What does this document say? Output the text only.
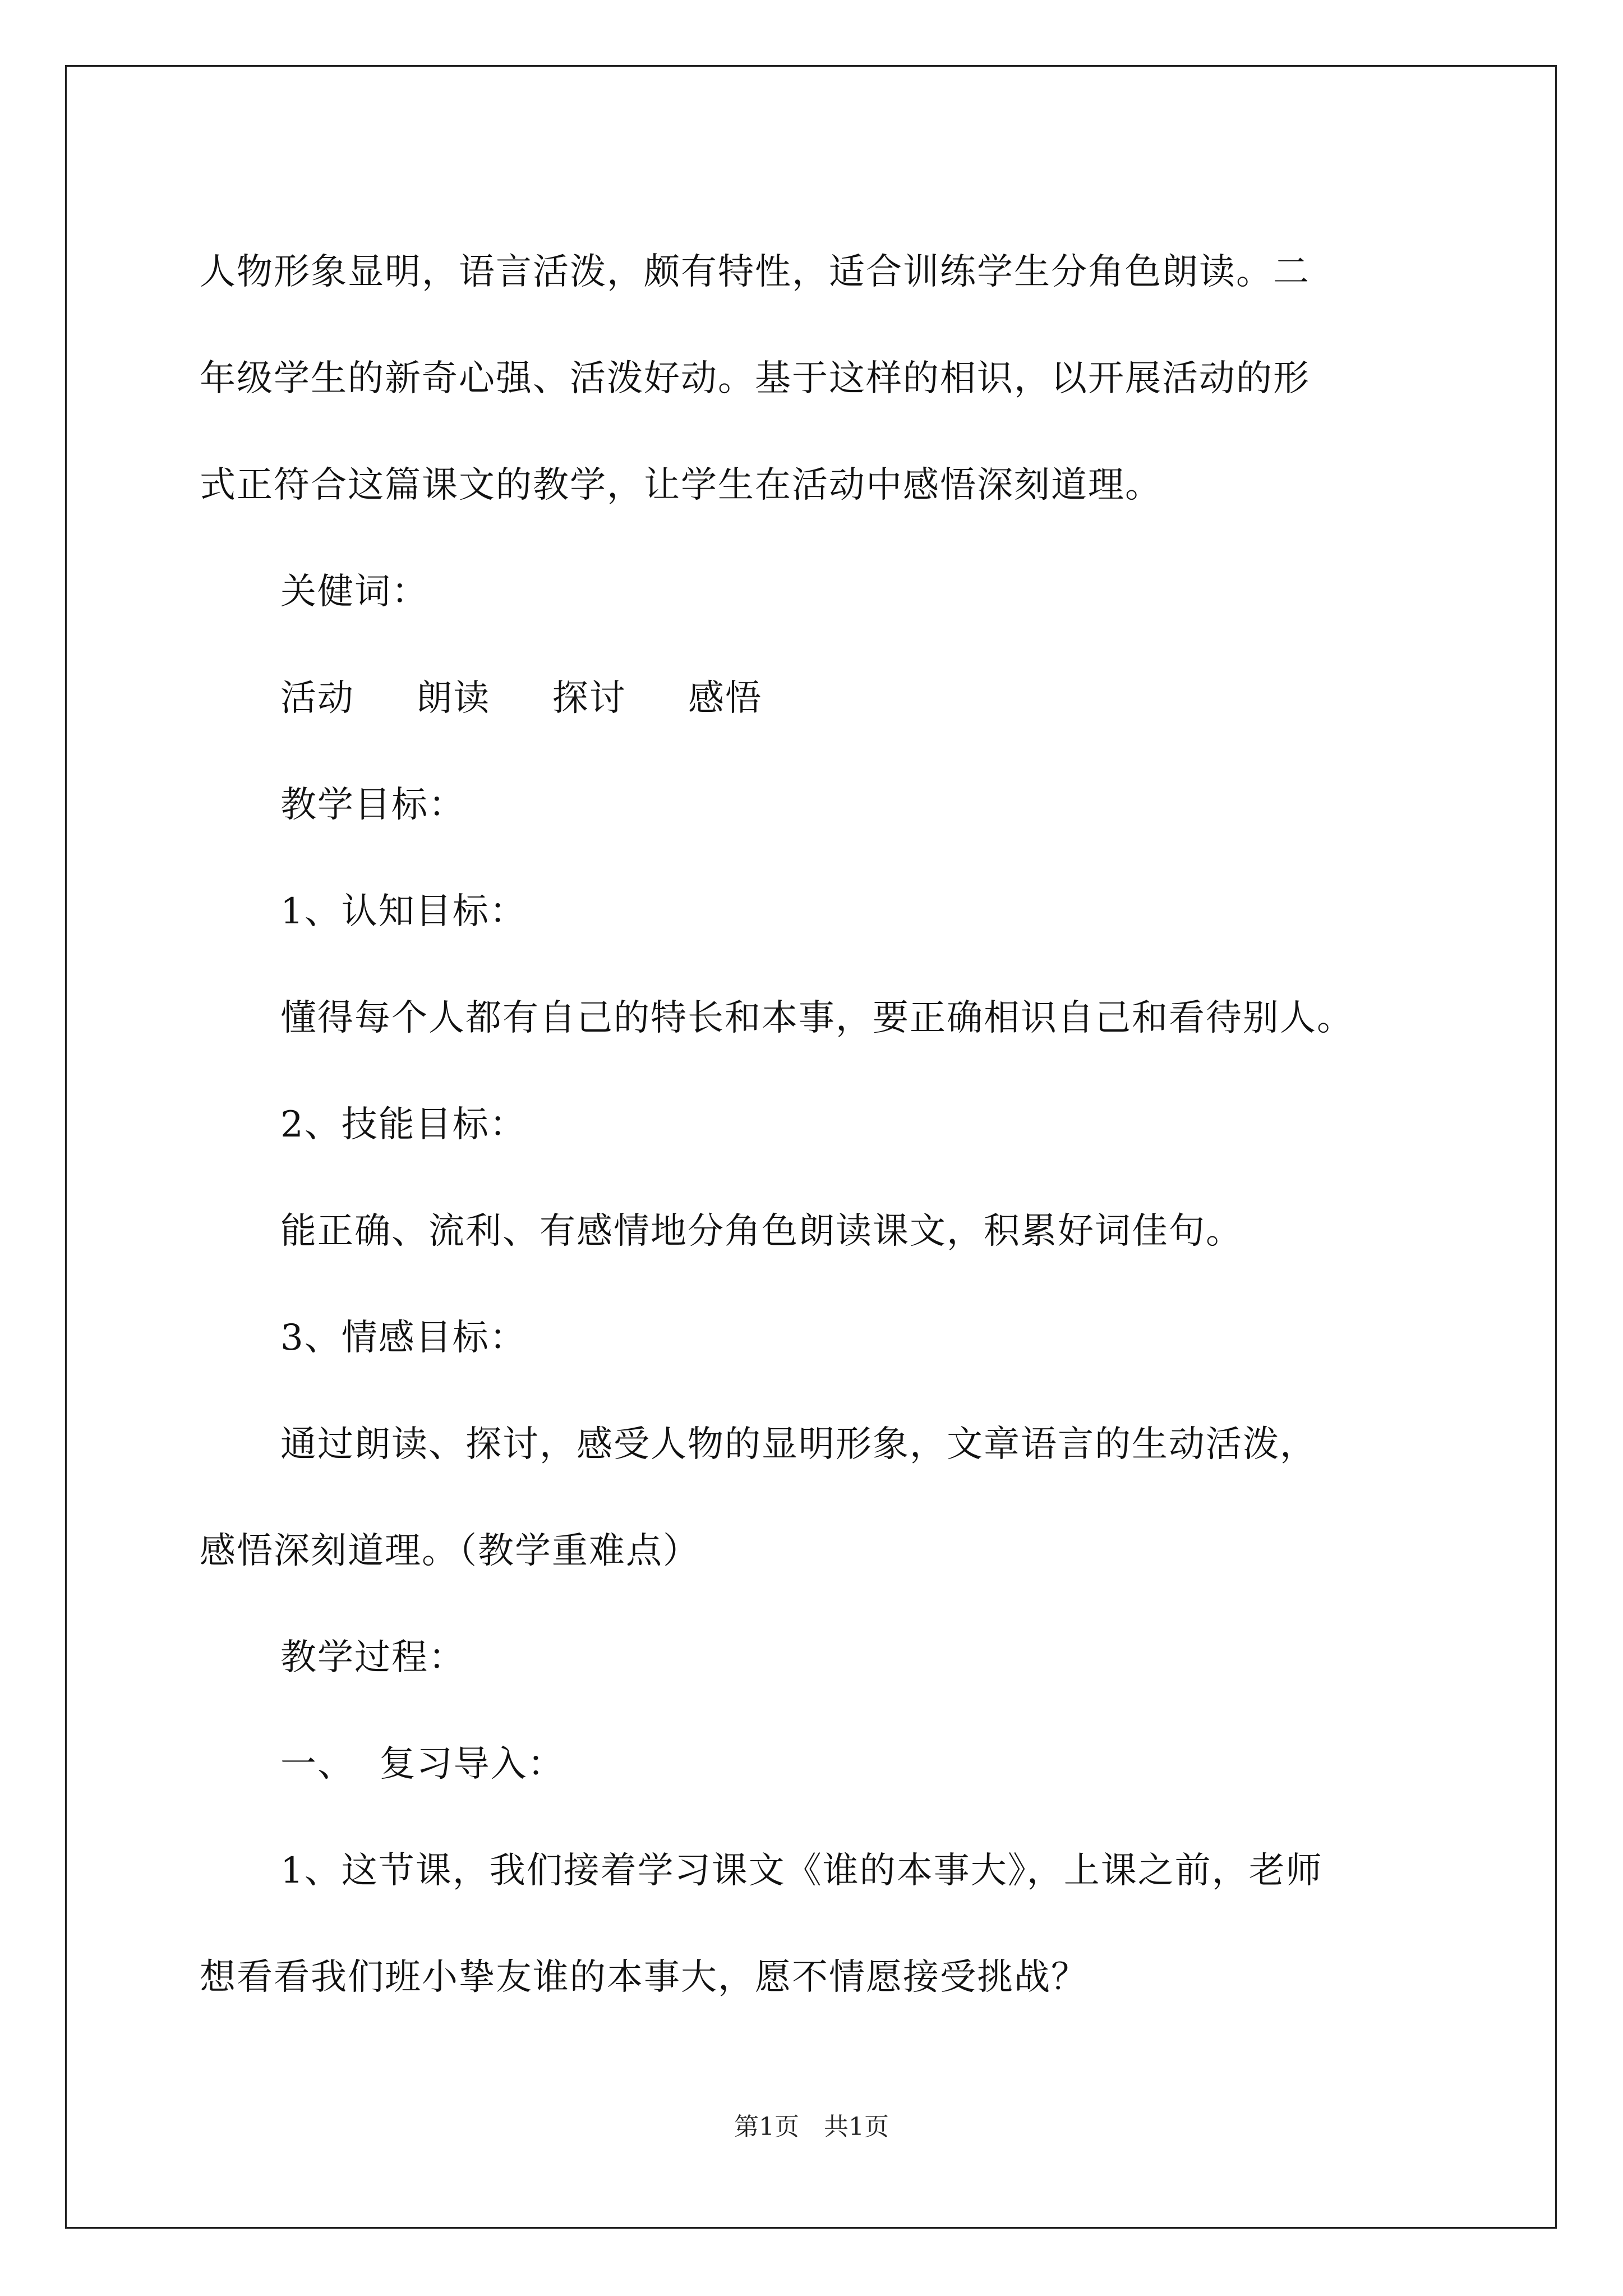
人物形象显明，语言活泼，颇有特性，适合训练学生分角色朗读。二

年级学生的新奇心强、活泼好动。基于这样的相识，以开展活动的形

式正符合这篇课文的教学，让学生在活动中感悟深刻道理。

关健词：

活动 朗读 探讨 感悟

教学目标：

1、认知目标：

懂得每个人都有自己的特长和本事，要正确相识自己和看待别人。

2、技能目标：

能正确、流利、有感情地分角色朗读课文，积累好词佳句。

3、情感目标：

通过朗读、探讨，感受人物的显明形象，文章语言的生动活泼，

感悟深刻道理。（教学重难点）

教学过程：

一、  复习导入：

1、这节课，我们接着学习课文《谁的本事大》，上课之前，老师

想看看我们班小挚友谁的本事大，愿不情愿接受挑战？

第1页　共1页
